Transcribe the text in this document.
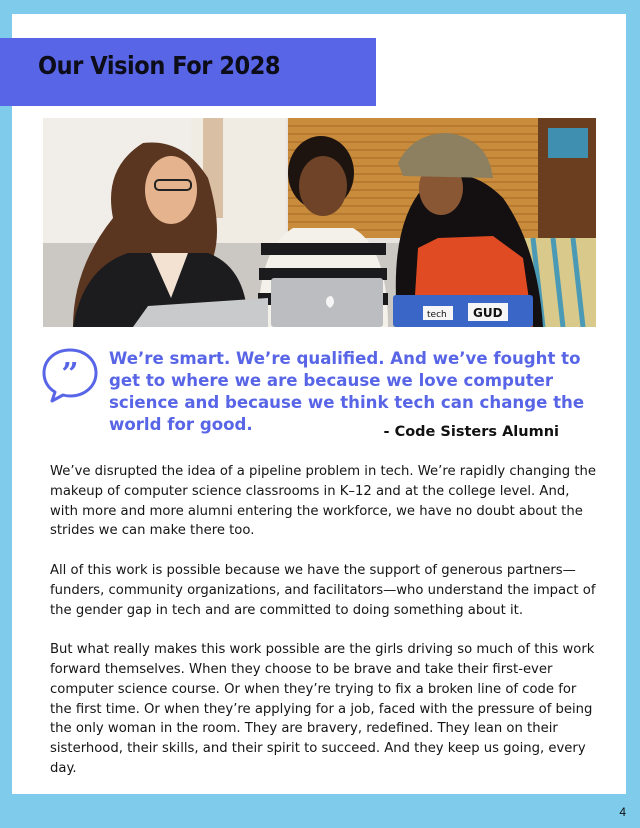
Our Vision For 2028
tech GUD
” We’re smart. We’re qualified. And we’ve fought to get to where we are because we love computer science and because we think tech can change the world for good.	- Code Sisters Alumni

We’ve disrupted the idea of a pipeline problem in tech. We’re rapidly changing the makeup of computer science classrooms in K–12 and at the college level. And, with more and more alumni entering the workforce, we have no doubt about the strides we can make there too.

All of this work is possible because we have the support of generous partners—funders, community organizations, and facilitators—who understand the impact of the gender gap in tech and are committed to doing something about it.

But what really makes this work possible are the girls driving so much of this work forward themselves. When they choose to be brave and take their first-ever computer science course. Or when they’re trying to fix a broken line of code for the first time. Or when they’re applying for a job, faced with the pressure of being the only woman in the room. They are bravery, redefined. They lean on their sisterhood, their skills, and their spirit to succeed. And they keep us going, every day.

4
